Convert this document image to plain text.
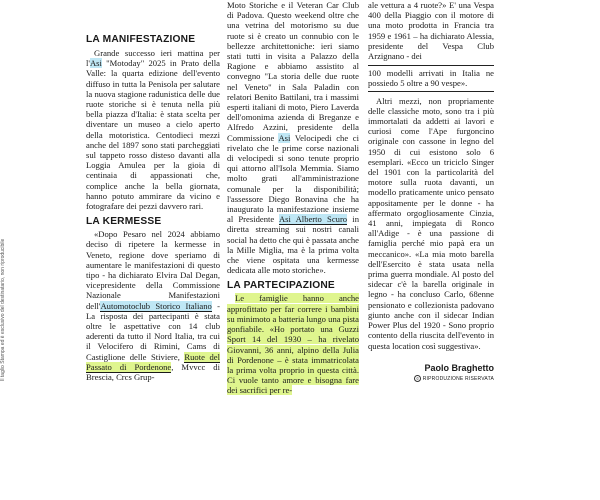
Il taglio Stampa ed è esclusivo del destinatario, non riproducibile
LA MANIFESTAZIONE

Grande successo ieri mattina per l'Asi "Motoday" 2025 in Prato della Valle: la quarta edizione dell'evento diffuso in tutta la Penisola per salutare la nuova stagione radunistica delle due ruote storiche si è tenuta nella più bella piazza d'Italia: è stata scelta per diventare un museo a cielo aperto della motoristica. Centodieci mezzi anche del 1897 sono stati parcheggiati sul tappeto rosso disteso davanti alla Loggia Amulea per la gioia di centinaia di appassionati che, complice anche la bella giornata, hanno potuto ammirare da vicino e fotografare dei pezzi davvero rari.

LA KERMESSE

«Dopo Pesaro nel 2024 abbiamo deciso di ripetere la kermesse in Veneto, regione dove speriamo di aumentare le manifestazioni di questo tipo - ha dichiarato Elvira Dal Degan, vicepresidente della Commissione Nazionale Manifestazioni dell'Automotoclub Storico Italiano - La risposta dei partecipanti è stata oltre le aspettative con 14 club aderenti da tutto il Nord Italia, tra cui il Velocifero di Rimini, Cams di Castiglione delle Stiviere, Ruote del Passato di Pordenone, Mvvcc di Brescia, Crcs Grup-

Moto Storiche e il Veteran Car Club di Padova. Questo weekend oltre che una vetrina del motorismo su due ruote si è creato un connubio con le bellezze architettoniche: ieri siamo stati tutti in visita a Palazzo della Ragione e abbiamo assistito al convegno "La storia delle due ruote nel Veneto" in Sala Paladin con relatori Benito Battilani, tra i massimi esperti italiani di moto, Piero Laverda dell'omonima azienda di Breganze e Alfredo Azzini, presidente della Commissione Asi Velocipedi che ci rivelato che le prime corse nazionali di velocipedi si sono tenute proprio qui attorno all'Isola Memmia. Siamo molto grati all'amministrazione comunale per la disponibilità; l'assessore Diego Bonavina che ha inaugurato la manifestazione insieme al Presidente Asi Alberto Scuro in diretta streaming sui nostri canali social ha detto che qui è passata anche la Mille Miglia, ma è la prima volta che viene ospitata una kermesse dedicata alle moto storiche».

LA PARTECIPAZIONE

Le famiglie hanno anche approfittato per far correre i bambini su minimoto a batteria lungo una pista gonfiabile. «Ho portato una Guzzi Sport 14 del 1930 – ha rivelato Giovanni, 36 anni, alpino della Julia di Pordenone – è stata immatricolata la prima volta proprio in questa città. Ci vuole tanto amore e bisogna fare dei sacrifici per re-

ale vettura a 4 ruote?» E' una Vespa 400 della Piaggio con il motore di una moto prodotta in Francia tra 1959 e 1961 – ha dichiarato Alessia, presidente del Vespa Club Arzignano - dei

100 modelli arrivati in Italia ne possiedo 5 oltre a 90 vespe».

Altri mezzi, non propriamente delle classiche moto, sono tra i più immortalati da addetti ai lavori e curiosi come l'Ape furgoncino originale con cassone in legno del 1950 di cui esistono solo 6 esemplari. «Ecco un triciclo Singer del 1901 con la particolarità del motore sulla ruota davanti, un modello praticamente unico pensato appositamente per le donne - ha affermato orgogliosamente Cinzia, 41 anni, impiegata di Ronco all'Adige - è una passione di famiglia perché mio papà era un meccanico». «La mia moto barella dell'Esercito è stata usata nella prima guerra mondiale. Al posto del sidecar c'è la barella originale in legno - ha concluso Carlo, 68enne pensionato e collezionista padovano giunto anche con il sidecar Indian Power Plus del 1920 - Sono proprio contento della riuscita dell'evento in questa location così suggestiva».

Paolo Braghetto
© RIPRODUZIONE RISERVATA
